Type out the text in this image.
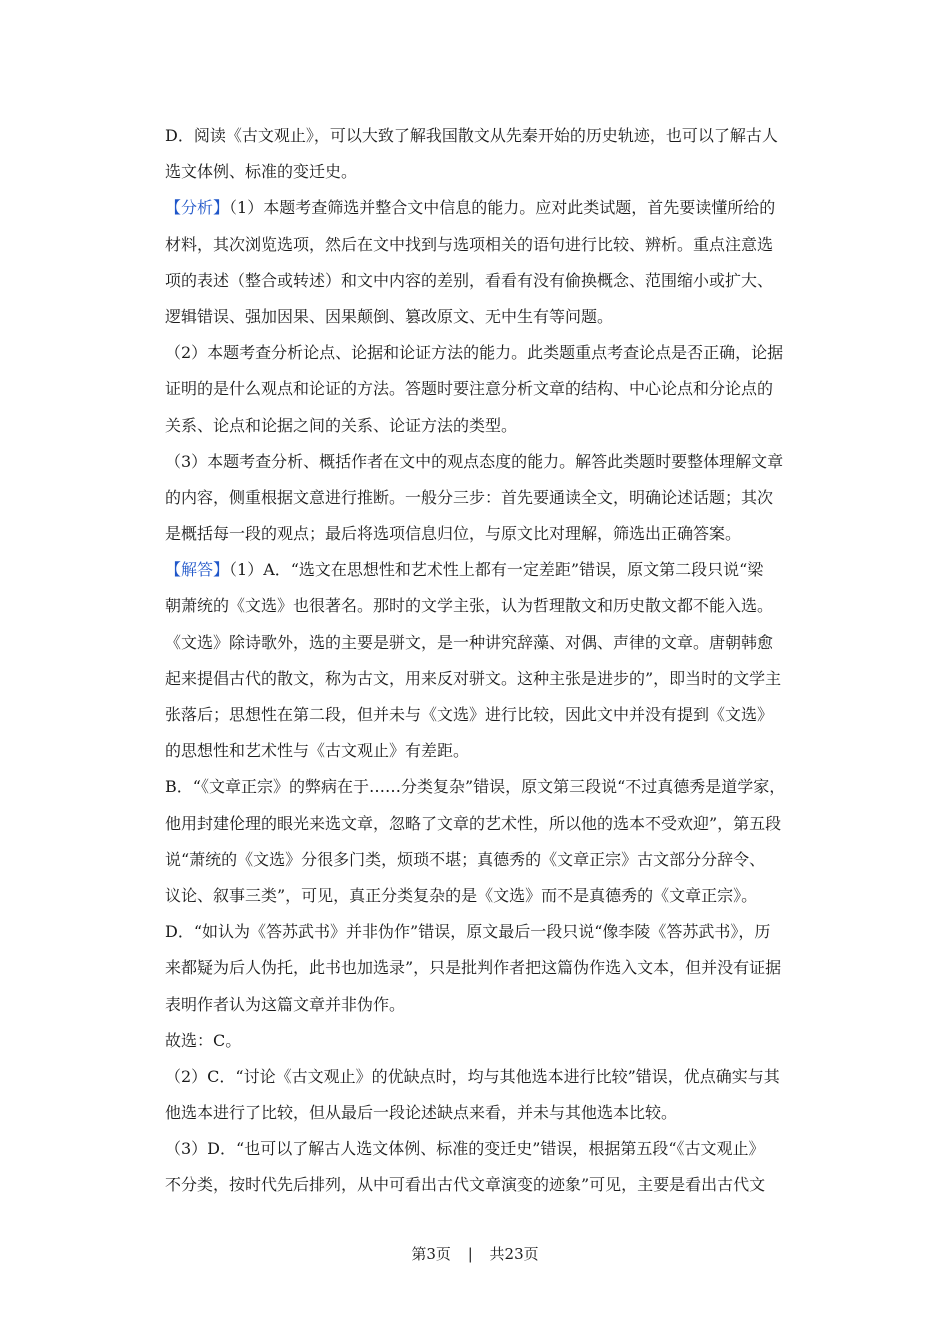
D．阅读《古文观止》，可以大致了解我国散文从先秦开始的历史轨迹，也可以了解古人
选文体例、标准的变迁史。
【分析】（1）本题考查筛选并整合文中信息的能力。应对此类试题，首先要读懂所给的
材料，其次浏览选项，然后在文中找到与选项相关的语句进行比较、辨析。重点注意选
项的表述（整合或转述）和文中内容的差别，看看有没有偷换概念、范围缩小或扩大、
逻辑错误、强加因果、因果颠倒、篡改原文、无中生有等问题。
（2）本题考查分析论点、论据和论证方法的能力。此类题重点考查论点是否正确，论据
证明的是什么观点和论证的方法。答题时要注意分析文章的结构、中心论点和分论点的
关系、论点和论据之间的关系、论证方法的类型。
（3）本题考查分析、概括作者在文中的观点态度的能力。解答此类题时要整体理解文章
的内容，侧重根据文意进行推断。一般分三步：首先要通读全文，明确论述话题；其次
是概括每一段的观点；最后将选项信息归位，与原文比对理解，筛选出正确答案。
【解答】（1）A．“选文在思想性和艺术性上都有一定差距”错误，原文第二段只说“梁
朝萧统的《文选》也很著名。那时的文学主张，认为哲理散文和历史散文都不能入选。
《文选》除诗歌外，选的主要是骈文，是一种讲究辞藻、对偶、声律的文章。唐朝韩愈
起来提倡古代的散文，称为古文，用来反对骈文。这种主张是进步的”，即当时的文学主
张落后；思想性在第二段，但并未与《文选》进行比较，因此文中并没有提到《文选》
的思想性和艺术性与《古文观止》有差距。
B．“《文章正宗》的弊病在于……分类复杂”错误，原文第三段说“不过真德秀是道学家，
他用封建伦理的眼光来选文章，忽略了文章的艺术性，所以他的选本不受欢迎”，第五段
说“萧统的《文选》分很多门类，烦琐不堪；真德秀的《文章正宗》古文部分分辞令、
议论、叙事三类”，可见，真正分类复杂的是《文选》而不是真德秀的《文章正宗》。
D．“如认为《答苏武书》并非伪作”错误，原文最后一段只说“像李陵《答苏武书》，历
来都疑为后人伪托，此书也加选录”，只是批判作者把这篇伪作选入文本，但并没有证据
表明作者认为这篇文章并非伪作。
故选：C。
（2）C．“讨论《古文观止》的优缺点时，均与其他选本进行比较”错误，优点确实与其
他选本进行了比较，但从最后一段论述缺点来看，并未与其他选本比较。
（3）D．“也可以了解古人选文体例、标准的变迁史”错误，根据第五段“《古文观止》
不分类，按时代先后排列，从中可看出古代文章演变的迹象”可见，主要是看出古代文
第3页 | 共23页
